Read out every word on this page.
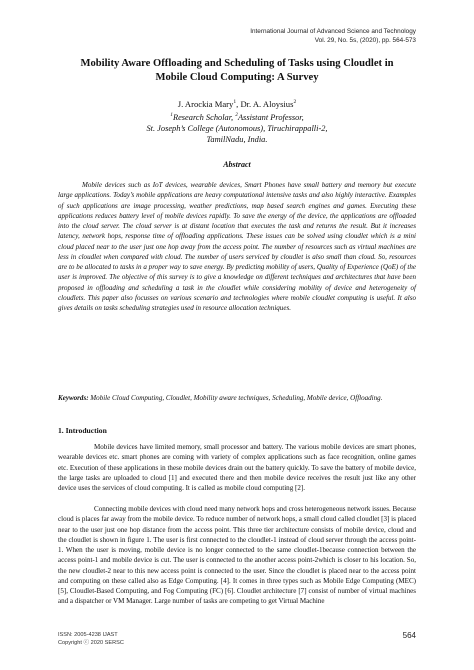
International Journal of Advanced Science and Technology
Vol. 29, No. 5s, (2020), pp. 564-573
Mobility Aware Offloading and Scheduling of Tasks using Cloudlet in
Mobile Cloud Computing: A Survey
J. Arockia Mary$^1$, Dr. A. Aloysius$^2$
$^1$Research Scholar, $^2$Assistant Professor,
St. Joseph’s College (Autonomous), Tiruchirappalli-2,
TamilNadu, India.
Abstract
Mobile devices such as IoT devices, wearable devices, Smart Phones have small battery and memory but execute large applications. Today’s mobile applications are heavy computational intensive tasks and also highly interactive. Examples of such applications are image processing, weather predictions, map based search engines and games. Executing these applications reduces battery level of mobile devices rapidly. To save the energy of the device, the applications are offloaded into the cloud server. The cloud server is at distant location that executes the task and returns the result. But it increases latency, network hops, response time of offloading applications. These issues can be solved using cloudlet which is a mini cloud placed near to the user just one hop away from the access point. The number of resources such as virtual machines are less in cloudlet when compared with cloud. The number of users serviced by cloudlet is also small than cloud. So, resources are to be allocated to tasks in a proper way to save energy. By predicting mobility of users, Quality of Experience (QoE) of the user is improved. The objective of this survey is to give a knowledge on different techniques and architectures that have been proposed in offloading and scheduling a task in the cloudlet while considering mobility of device and heterogeneity of cloudlets. This paper also focusses on various scenario and technologies where mobile cloudlet computing is useful. It also gives details on tasks scheduling strategies used in resource allocation techniques.
Keywords: Mobile Cloud Computing, Cloudlet, Mobility aware techniques, Scheduling, Mobile device, Offloading.
1. Introduction
Mobile devices have limited memory, small processor and battery. The various mobile devices are smart phones, wearable devices etc. smart phones are coming with variety of complex applications such as face recognition, online games etc. Execution of these applications in these mobile devices drain out the battery quickly. To save the battery of mobile device, the large tasks are uploaded to cloud [1] and executed there and then mobile device receives the result just like any other device uses the services of cloud computing. It is called as mobile cloud computing [2].
Connecting mobile devices with cloud need many network hops and cross heterogeneous network issues. Because cloud is places far away from the mobile device. To reduce number of network hops, a small cloud called cloudlet [3] is placed near to the user just one hop distance from the access point. This three tier architecture consists of mobile device, cloud and the cloudlet is shown in figure 1. The user is first connected to the cloudlet-1 instead of cloud server through the access point-1. When the user is moving, mobile device is no longer connected to the same cloudlet-1because connection between the access point-1 and mobile device is cut. The user is connected to the another access point-2which is closer to his location. So, the new cloudlet-2 near to this new access point is connected to the user. Since the cloudlet is placed near to the access point and computing on these called also as Edge Computing. [4]. It comes in three types such as Mobile Edge Computing (MEC) [5], Cloudlet-Based Computing, and Fog Computing (FC) [6]. Cloudlet architecture [7] consist of number of virtual machines and a dispatcher or VM Manager. Large number of tasks are competing to get Virtual Machine
ISSN: 2005-4238 IJAST
Copyright ⓒ 2020 SERSC
564
